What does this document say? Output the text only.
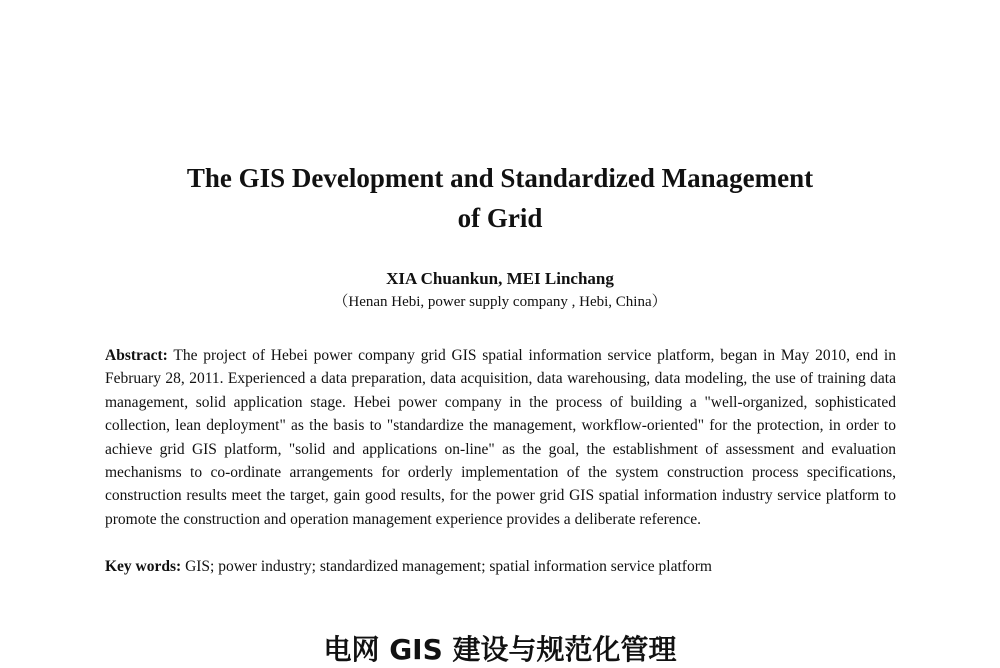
The GIS Development and Standardized Management
of Grid
XIA Chuankun, MEI Linchang
（Henan Hebi, power supply company , Hebi, China）

Abstract: The project of Hebei power company grid GIS spatial information service platform, began in May 2010, end in February 28, 2011. Experienced a data preparation, data acquisition, data warehousing, data modeling, the use of training data management, solid application stage. Hebei power company in the process of building a "well-organized, sophisticated collection, lean deployment" as the basis to "standardize the management, workflow-oriented" for the protection, in order to achieve grid GIS platform, "solid and applications on-line" as the goal, the establishment of assessment and evaluation mechanisms to co-ordinate arrangements for orderly implementation of the system construction process specifications, construction results meet the target, gain good results, for the power grid GIS spatial information industry service platform to promote the construction and operation management experience provides a deliberate reference.

Key words: GIS; power industry; standardized management; spatial information service platform

电网 GIS 建设与规范化管理
